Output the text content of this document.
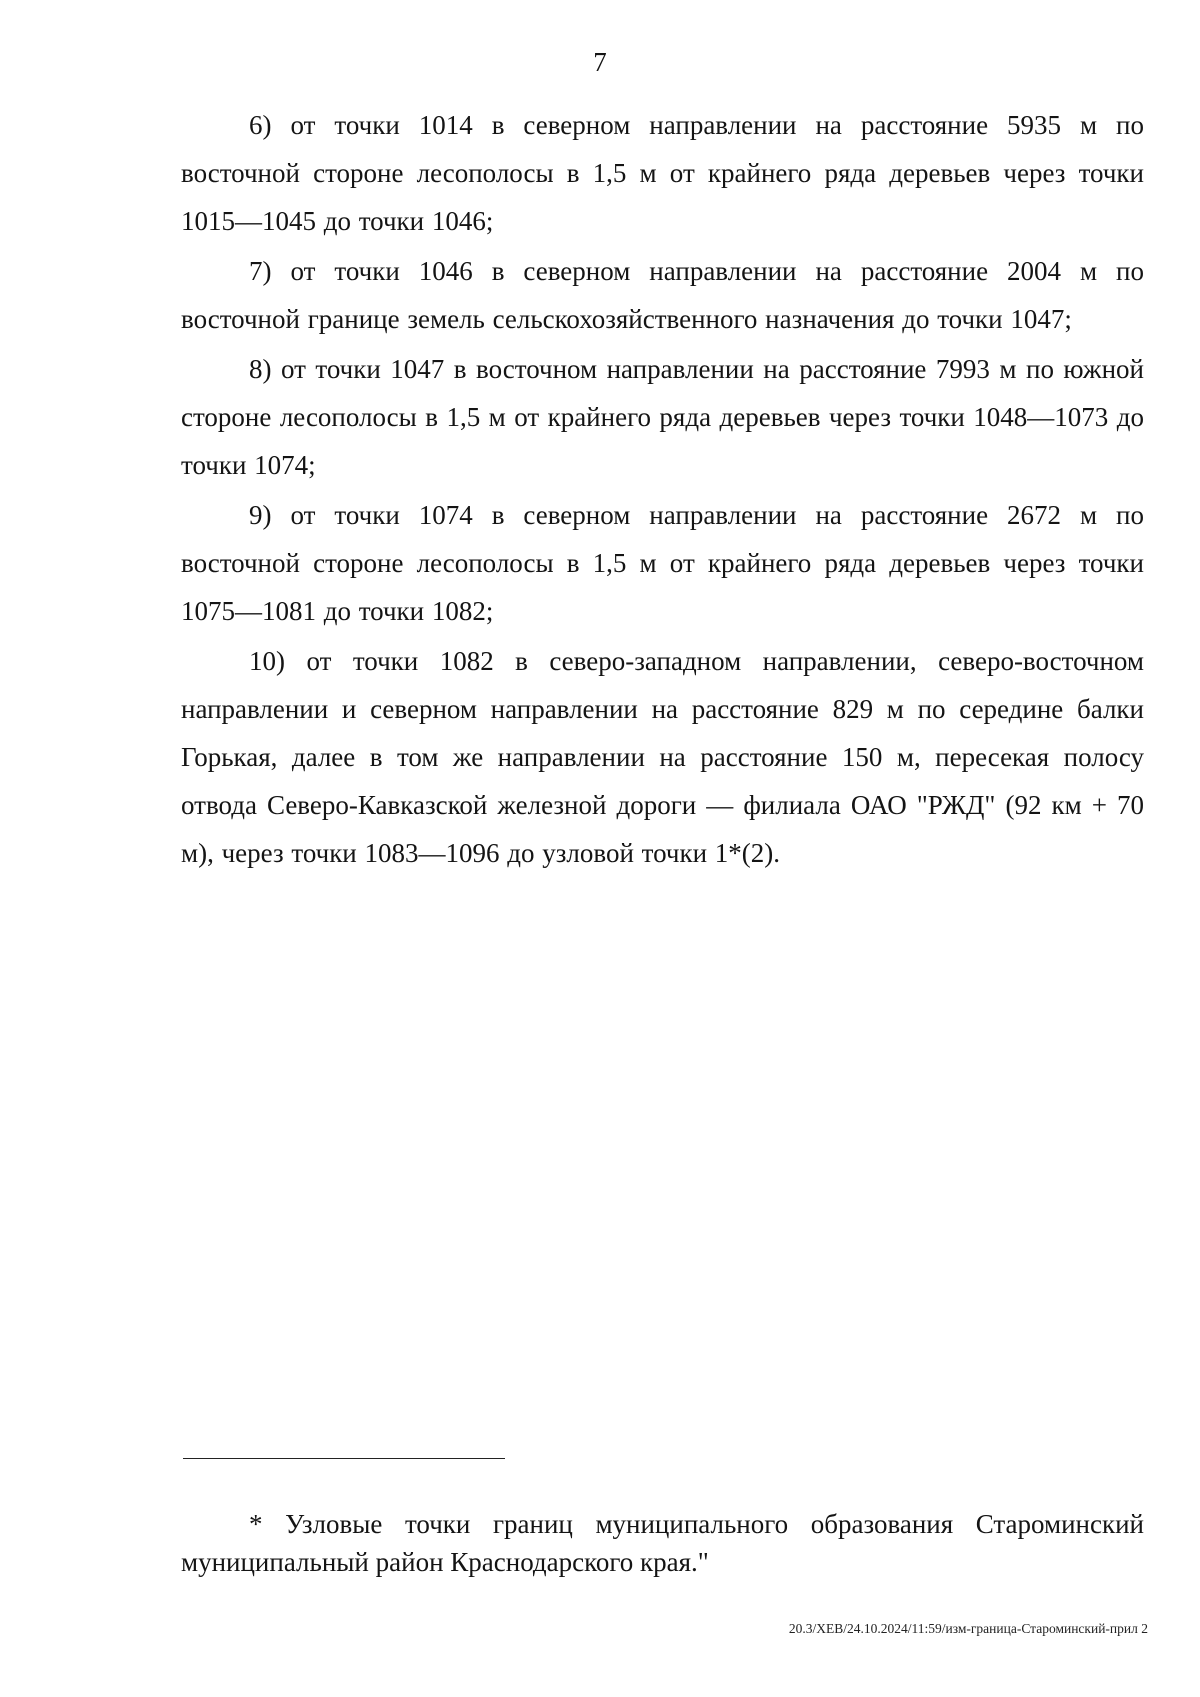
7

6) от точки 1014 в северном направлении на расстояние 5935 м по восточной стороне лесополосы в 1,5 м от крайнего ряда деревьев через точки 1015—1045 до точки 1046;

7) от точки 1046 в северном направлении на расстояние 2004 м по восточной границе земель сельскохозяйственного назначения до точки 1047;

8) от точки 1047 в восточном направлении на расстояние 7993 м по южной стороне лесополосы в 1,5 м от крайнего ряда деревьев через точки 1048—1073 до точки 1074;

9) от точки 1074 в северном направлении на расстояние 2672 м по восточной стороне лесополосы в 1,5 м от крайнего ряда деревьев через точки 1075—1081 до точки 1082;

10) от точки 1082 в северо-западном направлении, северо-восточном направлении и северном направлении на расстояние 829 м по середине балки Горькая, далее в том же направлении на расстояние 150 м, пересекая полосу отвода Северо-Кавказской железной дороги — филиала ОАО "РЖД" (92 км + 70 м), через точки 1083—1096 до узловой точки 1*(2).

* Узловые точки границ муниципального образования Староминский муниципальный район Краснодарского края."

20.3/ХЕВ/24.10.2024/11:59/изм-граница-Староминский-прил 2
